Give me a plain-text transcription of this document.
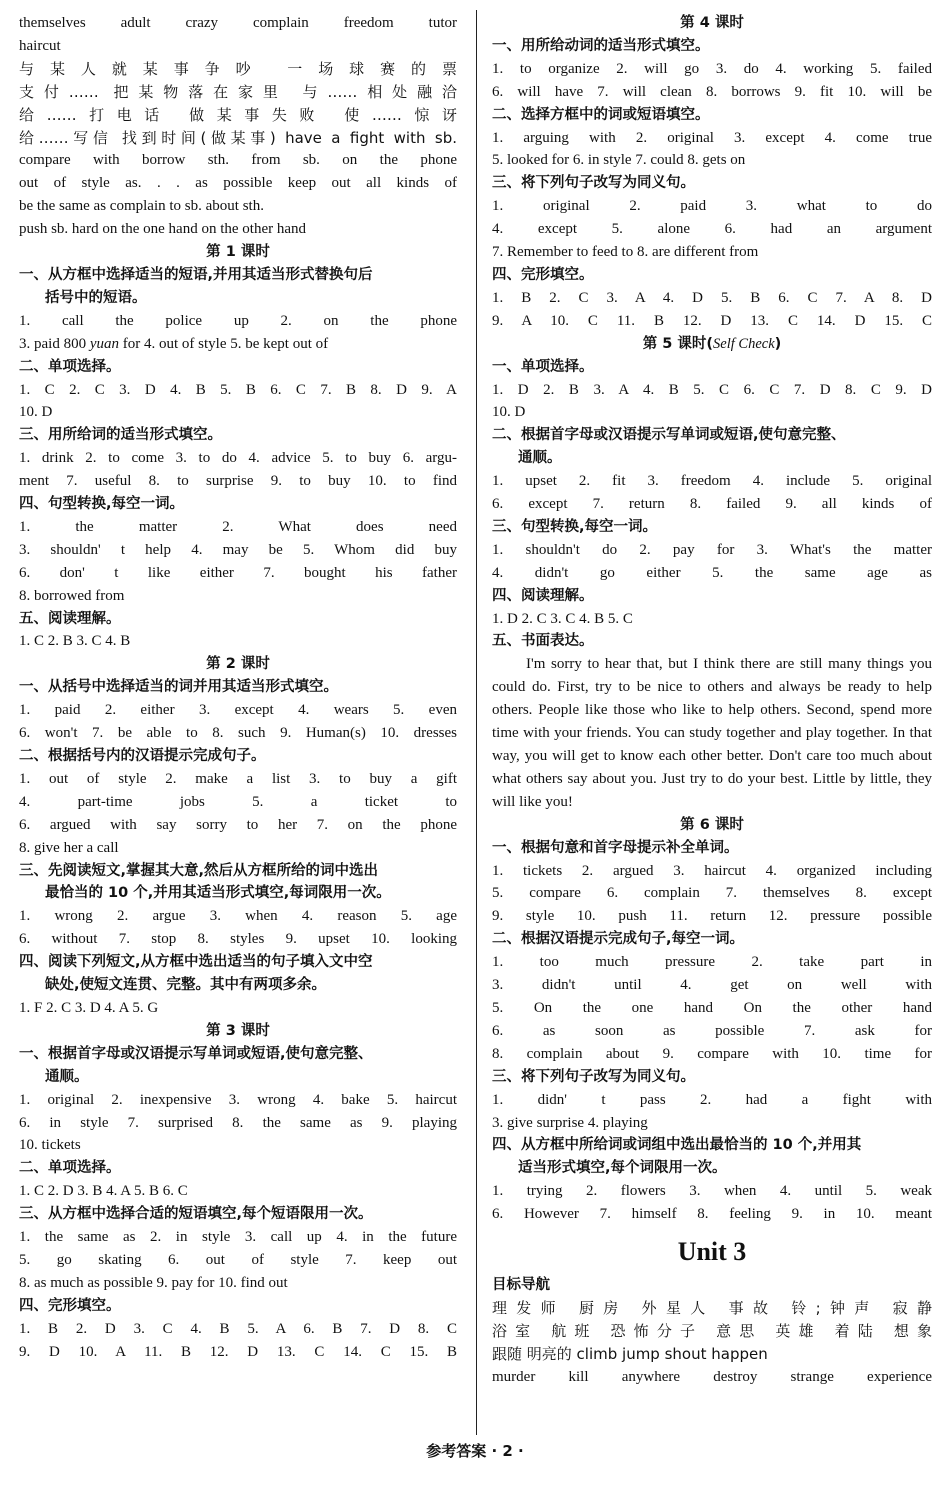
themselves adult crazy complain freedom tutor
haircut
与某人就某事争吵 一场球赛的票
支付…… 把某物落在家里 与……相处融洽
给……打电话 做某事失败 使……惊讶
给……写信 找到时间(做某事) have a fight with sb.
compare with borrow sth. from sb. on the phone
out of style as. . . as possible keep out all kinds of
be the same as complain to sb. about sth.
push sb. hard on the one hand on the other hand
第 1 课时
一、从方框中选择适当的短语,并用其适当形式替换句后
括号中的短语。
1. call the police up 2. on the phone
3. paid 800 yuan for 4. out of style 5. be kept out of
二、单项选择。
1. C 2. C 3. D 4. B 5. B 6. C 7. B 8. D 9. A
10. D
三、用所给词的适当形式填空。
1. drink 2. to come 3. to do 4. advice 5. to buy 6. argu-
ment 7. useful 8. to surprise 9. to buy 10. to find
四、句型转换,每空一词。
1. the matter 2. What does need
3. shouldn' t help 4. may be 5. Whom did buy
6. don' t like either 7. bought his father
8. borrowed from
五、阅读理解。
1. C 2. B 3. C 4. B
第 2 课时
一、从括号中选择适当的词并用其适当形式填空。
1. paid 2. either 3. except 4. wears 5. even
6. won't 7. be able to 8. such 9. Human(s) 10. dresses
二、根据括号内的汉语提示完成句子。
1. out of style 2. make a list 3. to buy a gift
4. part-time jobs 5. a ticket to
6. argued with say sorry to her 7. on the phone
8. give her a call
三、先阅读短文,掌握其大意,然后从方框所给的词中选出
最恰当的 10 个,并用其适当形式填空,每词限用一次。
1. wrong 2. argue 3. when 4. reason 5. age
6. without 7. stop 8. styles 9. upset 10. looking
四、阅读下列短文,从方框中选出适当的句子填入文中空
缺处,使短文连贯、完整。其中有两项多余。
1. F 2. C 3. D 4. A 5. G
第 3 课时
一、根据首字母或汉语提示写单词或短语,使句意完整、
通顺。
1. original 2. inexpensive 3. wrong 4. bake 5. haircut
6. in style 7. surprised 8. the same as 9. playing
10. tickets
二、单项选择。
1. C 2. D 3. B 4. A 5. B 6. C
三、从方框中选择合适的短语填空,每个短语限用一次。
1. the same as 2. in style 3. call up 4. in the future
5. go skating 6. out of style 7. keep out
8. as much as possible 9. pay for 10. find out
四、完形填空。
1. B 2. D 3. C 4. B 5. A 6. B 7. D 8. C
9. D 10. A 11. B 12. D 13. C 14. C 15. B
第 4 课时
一、用所给动词的适当形式填空。
1. to organize 2. will go 3. do 4. working 5. failed
6. will have 7. will clean 8. borrows 9. fit 10. will be
二、选择方框中的词或短语填空。
1. arguing with 2. original 3. except 4. come true
5. looked for 6. in style 7. could 8. gets on
三、将下列句子改写为同义句。
1. original 2. paid 3. what to do
4. except 5. alone 6. had an argument
7. Remember to feed to 8. are different from
四、完形填空。
1. B 2. C 3. A 4. D 5. B 6. C 7. A 8. D
9. A 10. C 11. B 12. D 13. C 14. D 15. C
第 5 课时(Self Check)
一、单项选择。
1. D 2. B 3. A 4. B 5. C 6. C 7. D 8. C 9. D
10. D
二、根据首字母或汉语提示写单词或短语,使句意完整、
通顺。
1. upset 2. fit 3. freedom 4. include 5. original
6. except 7. return 8. failed 9. all kinds of
三、句型转换,每空一词。
1. shouldn't do 2. pay for 3. What's the matter
4. didn't go either 5. the same age as
四、阅读理解。
1. D 2. C 3. C 4. B 5. C
五、书面表达。
I'm sorry to hear that, but I think there are still many things you could do. First, try to be nice to others and always be ready to help others. People like those who like to help others. Second, spend more time with your friends. You can study together and play together. In that way, you will get to know each other better. Don't care too much about what others say about you. Just try to do your best. Little by little, they will like you!
第 6 课时
一、根据句意和首字母提示补全单词。
1. tickets 2. argued 3. haircut 4. organized including
5. compare 6. complain 7. themselves 8. except
9. style 10. push 11. return 12. pressure possible
二、根据汉语提示完成句子,每空一词。
1. too much pressure 2. take part in
3. didn't until 4. get on well with
5. On the one hand On the other hand
6. as soon as possible 7. ask for
8. complain about 9. compare with 10. time for
三、将下列句子改写为同义句。
1. didn' t pass 2. had a fight with
3. give surprise 4. playing
四、从方框中所给词或词组中选出最恰当的 10 个,并用其
适当形式填空,每个词限用一次。
1. trying 2. flowers 3. when 4. until 5. weak
6. However 7. himself 8. feeling 9. in 10. meant
Unit 3
目标导航
理发师 厨房 外星人 事故 铃;钟声 寂静
浴室 航班 恐怖分子 意思 英雄 着陆 想象
跟随 明亮的 climb jump shout happen
murder kill anywhere destroy strange experience
参考答案 · 2 ·
